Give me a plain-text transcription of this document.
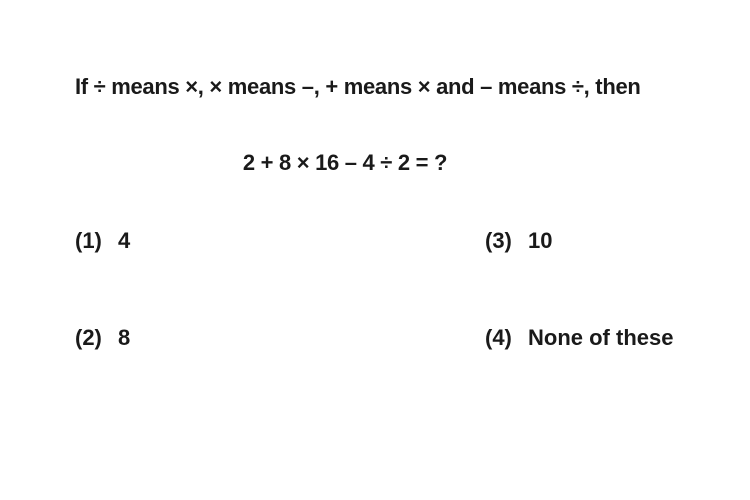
If ÷ means ×, × means –, + means × and – means ÷, then
2 + 8 × 16 – 4 ÷ 2 = ?
(1) 4
(2) 8
(3) 10
(4) None of these
